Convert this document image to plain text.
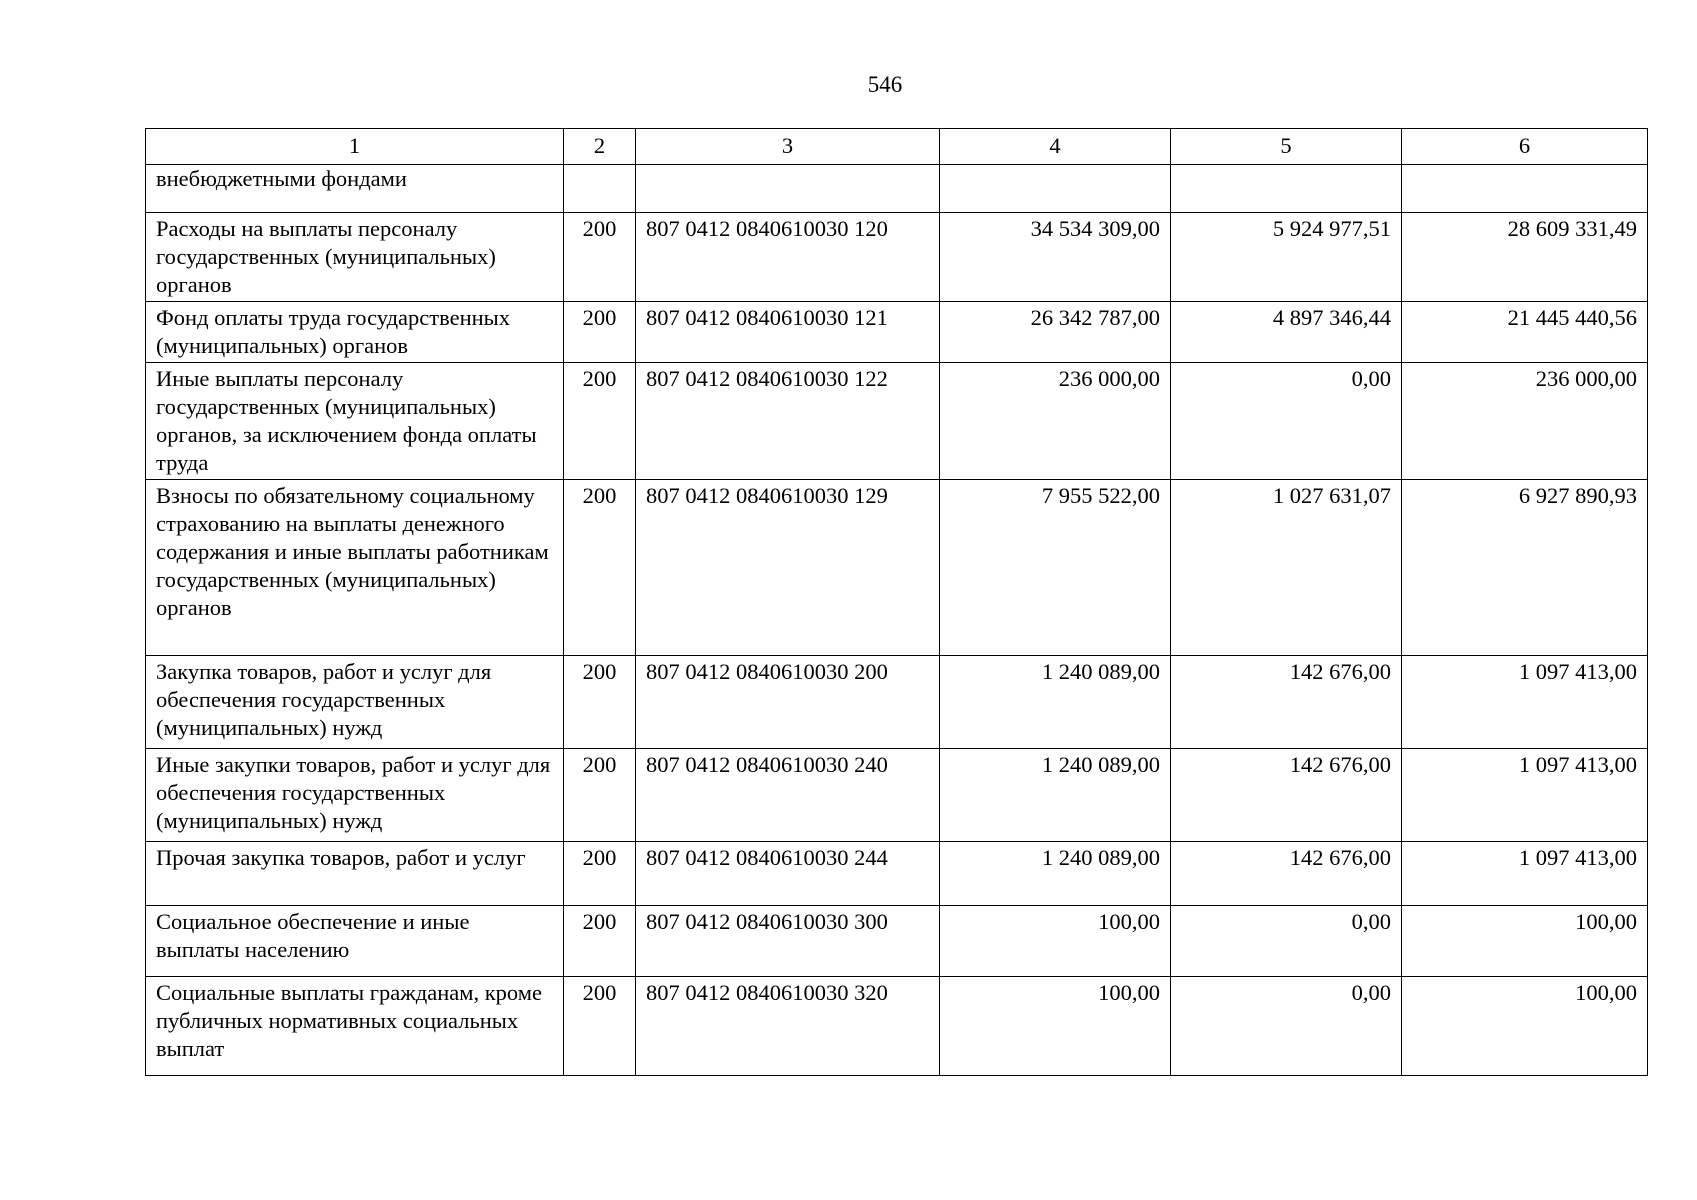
546
1	2	3	4	5	6
внебюджетными фондами					
Расходы на выплаты персоналу государственных (муниципальных) органов	200	807 0412 0840610030 120	34 534 309,00	5 924 977,51	28 609 331,49
Фонд оплаты труда государственных (муниципальных) органов	200	807 0412 0840610030 121	26 342 787,00	4 897 346,44	21 445 440,56
Иные выплаты персоналу государственных (муниципальных) органов, за исключением фонда оплаты труда	200	807 0412 0840610030 122	236 000,00	0,00	236 000,00
Взносы по обязательному социальному страхованию на выплаты денежного содержания и иные выплаты работникам государственных (муниципальных) органов	200	807 0412 0840610030 129	7 955 522,00	1 027 631,07	6 927 890,93
Закупка товаров, работ и услуг для обеспечения государственных (муниципальных) нужд	200	807 0412 0840610030 200	1 240 089,00	142 676,00	1 097 413,00
Иные закупки товаров, работ и услуг для обеспечения государственных (муниципальных) нужд	200	807 0412 0840610030 240	1 240 089,00	142 676,00	1 097 413,00
Прочая закупка товаров, работ и услуг	200	807 0412 0840610030 244	1 240 089,00	142 676,00	1 097 413,00
Социальное обеспечение и иные выплаты населению	200	807 0412 0840610030 300	100,00	0,00	100,00
Социальные выплаты гражданам, кроме публичных нормативных социальных выплат	200	807 0412 0840610030 320	100,00	0,00	100,00
